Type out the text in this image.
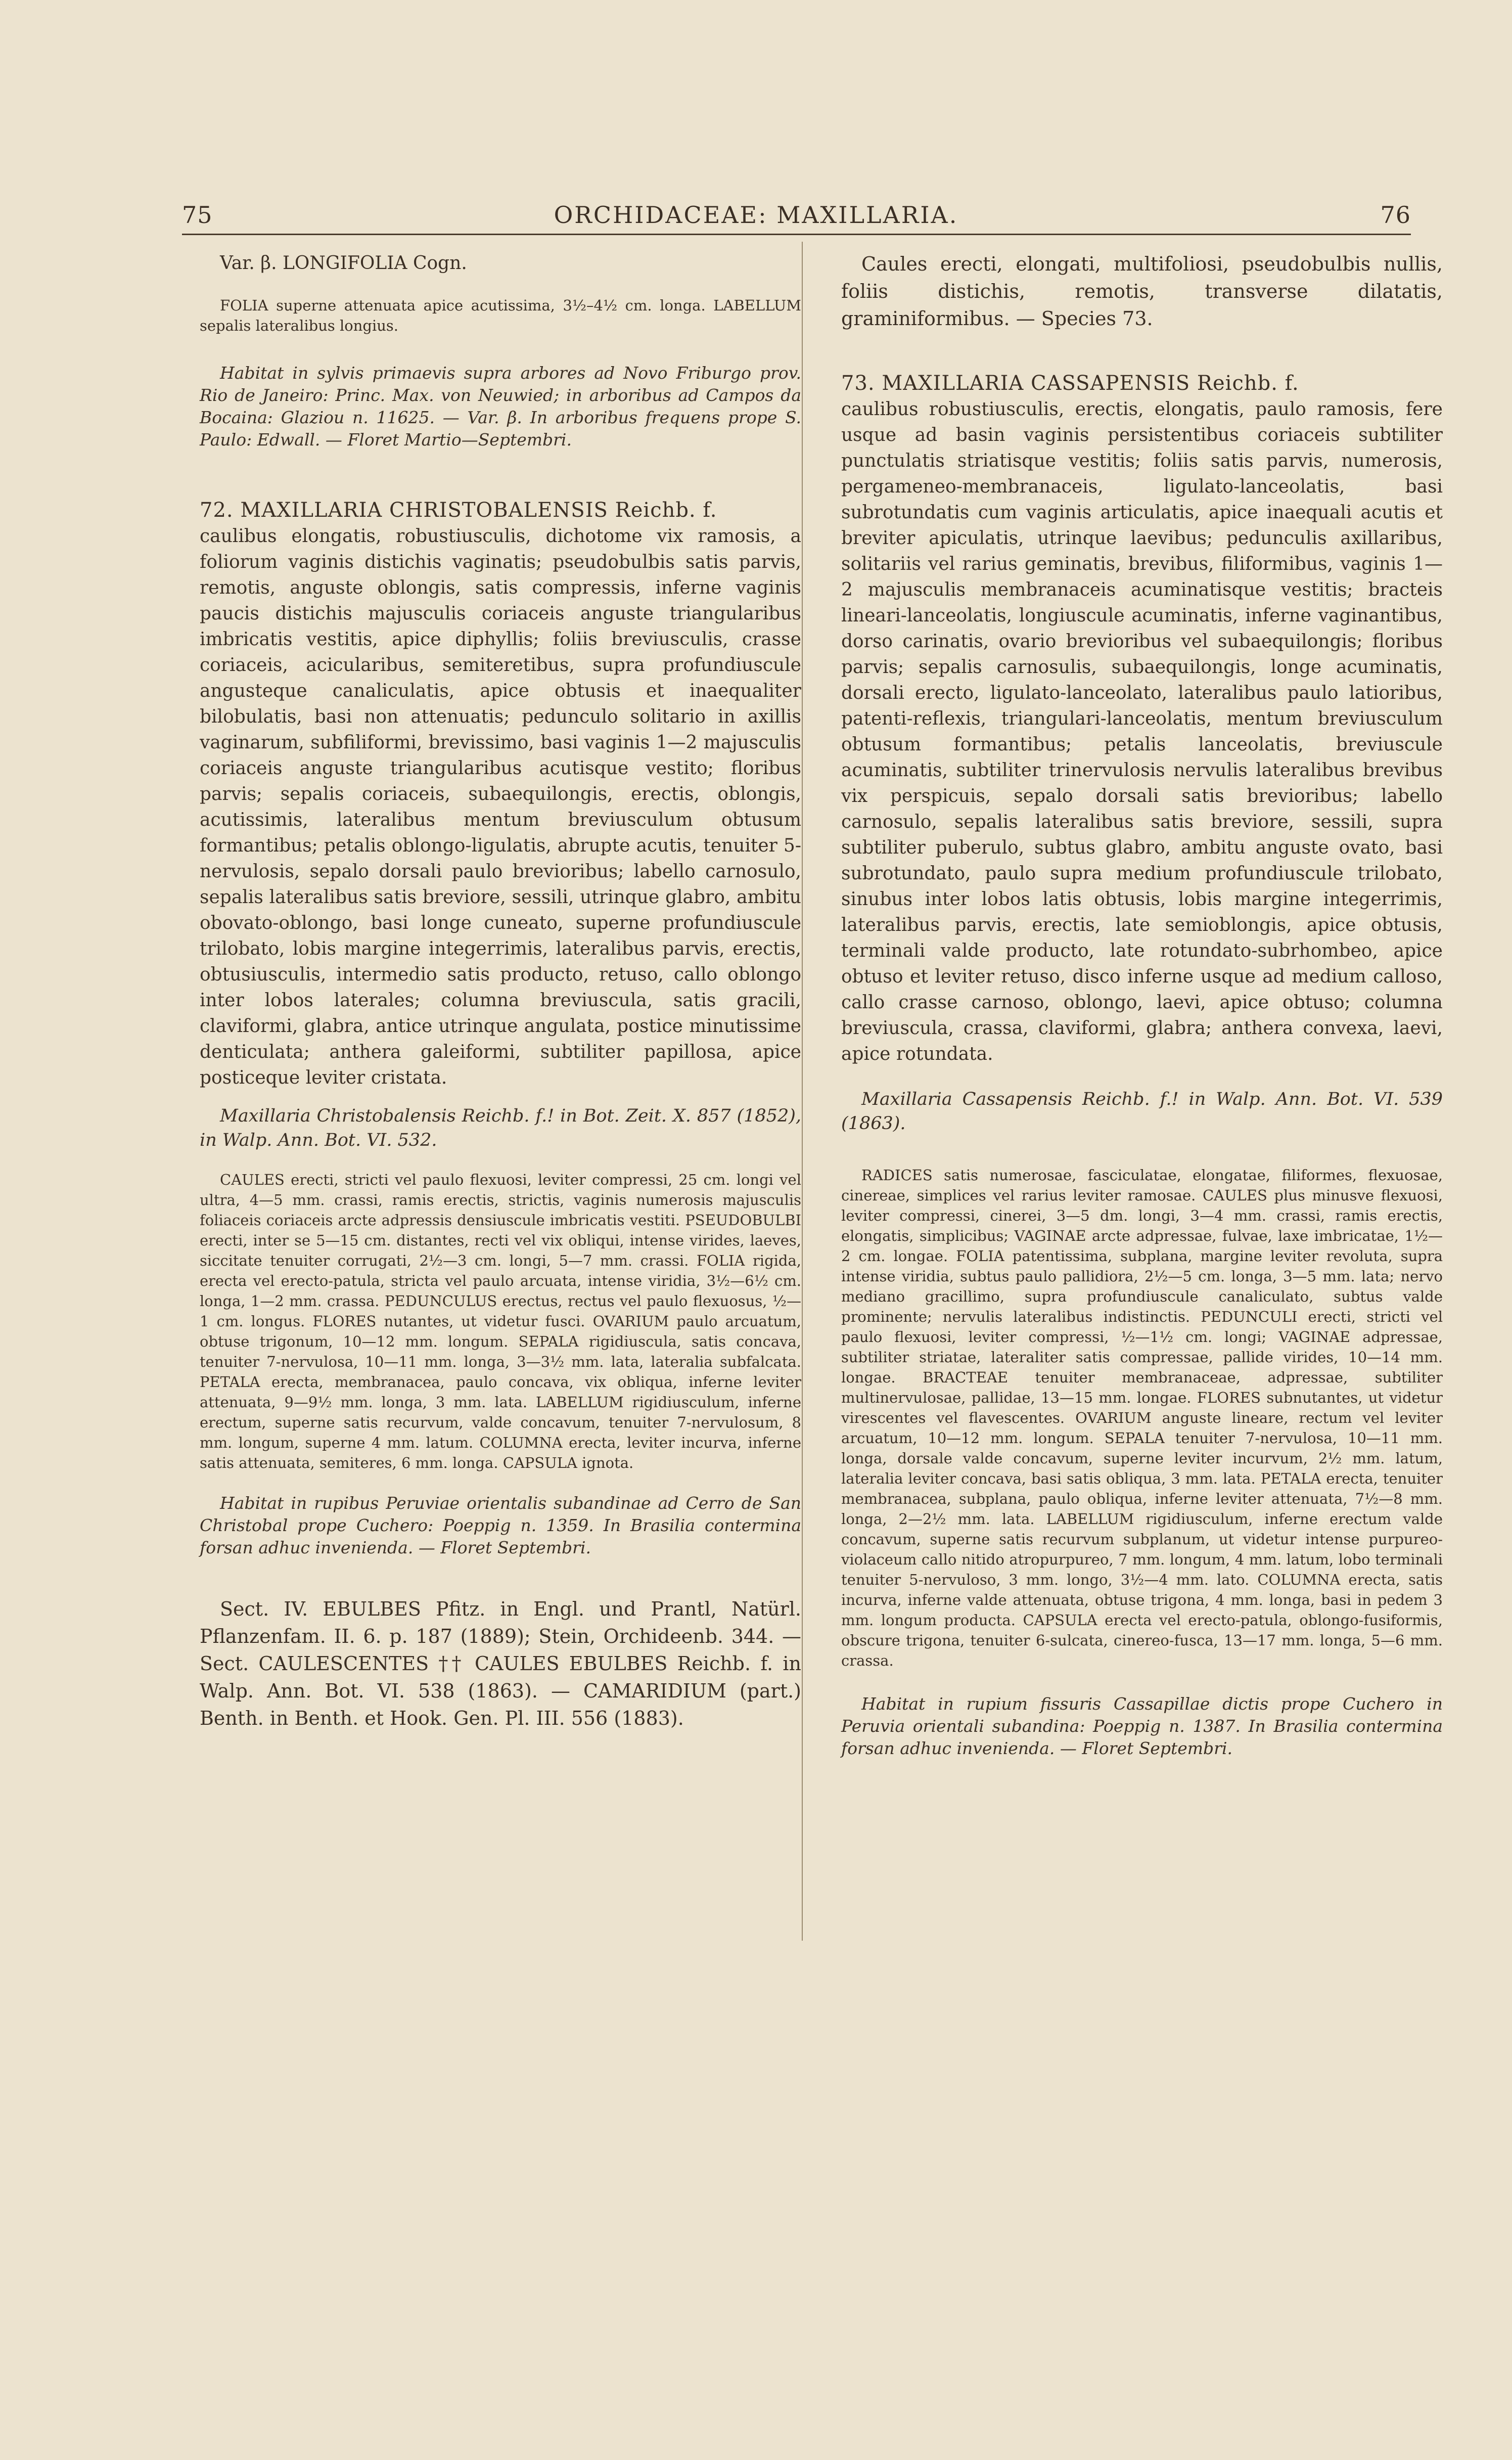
75	ORCHIDACEAE: MAXILLARIA.	76

Var. β. LONGIFOLIA Cogn.

FOLIA superne attenuata apice acutissima, 3½–4½ cm. longa. LABELLUM sepalis lateralibus longius.

Habitat in sylvis primaevis supra arbores ad Novo Friburgo prov. Rio de Janeiro: Princ. Max. von Neuwied; in arboribus ad Campos da Bocaina: Glaziou n. 11625. — Var. β. In arboribus frequens prope S. Paulo: Edwall. — Floret Martio—Septembri.

72. MAXILLARIA CHRISTOBALENSIS Reichb. f.

caulibus elongatis, robustiusculis, dichotome vix ramosis, a foliorum vaginis distichis vaginatis; pseudobulbis satis parvis, remotis, anguste oblongis, satis compressis, inferne vaginis paucis distichis majusculis coriaceis anguste triangularibus imbricatis vestitis, apice diphyllis; foliis breviusculis, crasse coriaceis, acicularibus, semiteretibus, supra profundiuscule angusteque canaliculatis, apice obtusis et inaequaliter bilobulatis, basi non attenuatis; pedunculo solitario in axillis vaginarum, subfiliformi, brevissimo, basi vaginis 1—2 majusculis coriaceis anguste triangularibus acutisque vestito; floribus parvis; sepalis coriaceis, subaequilongis, erectis, oblongis, acutissimis, lateralibus mentum breviusculum obtusum formantibus; petalis oblongo-ligulatis, abrupte acutis, tenuiter 5-nervulosis, sepalo dorsali paulo brevioribus; labello carnosulo, sepalis lateralibus satis breviore, sessili, utrinque glabro, ambitu obovato-oblongo, basi longe cuneato, superne profundiuscule trilobato, lobis margine integerrimis, lateralibus parvis, erectis, obtusiusculis, intermedio satis producto, retuso, callo oblongo inter lobos laterales; columna breviuscula, satis gracili, claviformi, glabra, antice utrinque angulata, postice minutissime denticulata; anthera galeiformi, subtiliter papillosa, apice posticeque leviter cristata.

Maxillaria Christobalensis Reichb. f.! in Bot. Zeit. X. 857 (1852), in Walp. Ann. Bot. VI. 532.

CAULES erecti, stricti vel paulo flexuosi, leviter compressi, 25 cm. longi vel ultra, 4—5 mm. crassi, ramis erectis, strictis, vaginis numerosis majusculis foliaceis coriaceis arcte adpressis densiuscule imbricatis vestiti. PSEUDOBULBI erecti, inter se 5—15 cm. distantes, recti vel vix obliqui, intense virides, laeves, siccitate tenuiter corrugati, 2½—3 cm. longi, 5—7 mm. crassi. FOLIA rigida, erecta vel erecto-patula, stricta vel paulo arcuata, intense viridia, 3½—6½ cm. longa, 1—2 mm. crassa. PEDUNCULUS erectus, rectus vel paulo flexuosus, ½—1 cm. longus. FLORES nutantes, ut videtur fusci. OVARIUM paulo arcuatum, obtuse trigonum, 10—12 mm. longum. SEPALA rigidiuscula, satis concava, tenuiter 7-nervulosa, 10—11 mm. longa, 3—3½ mm. lata, lateralia subfalcata. PETALA erecta, membranacea, paulo concava, vix obliqua, inferne leviter attenuata, 9—9½ mm. longa, 3 mm. lata. LABELLUM rigidiusculum, inferne erectum, superne satis recurvum, valde concavum, tenuiter 7-nervulosum, 8 mm. longum, superne 4 mm. latum. COLUMNA erecta, leviter incurva, inferne satis attenuata, semiteres, 6 mm. longa. CAPSULA ignota.

Habitat in rupibus Peruviae orientalis subandinae ad Cerro de San Christobal prope Cuchero: Poeppig n. 1359. In Brasilia contermina forsan adhuc invenienda. — Floret Septembri.

Sect. IV. EBULBES Pfitz. in Engl. und Prantl, Natürl. Pflanzenfam. II. 6. p. 187 (1889); Stein, Orchideenb. 344. — Sect. CAULESCENTES †† CAULES EBULBES Reichb. f. in Walp. Ann. Bot. VI. 538 (1863). — CAMARIDIUM (part.) Benth. in Benth. et Hook. Gen. Pl. III. 556 (1883).

Caules erecti, elongati, multifoliosi, pseudobulbis nullis, foliis distichis, remotis, transverse dilatatis, graminiformibus. — Species 73.

73. MAXILLARIA CASSAPENSIS Reichb. f.

caulibus robustiusculis, erectis, elongatis, paulo ramosis, fere usque ad basin vaginis persistentibus coriaceis subtiliter punctulatis striatisque vestitis; foliis satis parvis, numerosis, pergameneo-membranaceis, ligulato-lanceolatis, basi subrotundatis cum vaginis articulatis, apice inaequali acutis et breviter apiculatis, utrinque laevibus; pedunculis axillaribus, solitariis vel rarius geminatis, brevibus, filiformibus, vaginis 1—2 majusculis membranaceis acuminatisque vestitis; bracteis lineari-lanceolatis, longiuscule acuminatis, inferne vaginantibus, dorso carinatis, ovario brevioribus vel subaequilongis; floribus parvis; sepalis carnosulis, subaequilongis, longe acuminatis, dorsali erecto, ligulato-lanceolato, lateralibus paulo latioribus, patenti-reflexis, triangulari-lanceolatis, mentum breviusculum obtusum formantibus; petalis lanceolatis, breviuscule acuminatis, subtiliter trinervulosis nervulis lateralibus brevibus vix perspicuis, sepalo dorsali satis brevioribus; labello carnosulo, sepalis lateralibus satis breviore, sessili, supra subtiliter puberulo, subtus glabro, ambitu anguste ovato, basi subrotundato, paulo supra medium profundiuscule trilobato, sinubus inter lobos latis obtusis, lobis margine integerrimis, lateralibus parvis, erectis, late semioblongis, apice obtusis, terminali valde producto, late rotundato-subrhombeo, apice obtuso et leviter retuso, disco inferne usque ad medium calloso, callo crasse carnoso, oblongo, laevi, apice obtuso; columna breviuscula, crassa, claviformi, glabra; anthera convexa, laevi, apice rotundata.

Maxillaria Cassapensis Reichb. f.! in Walp. Ann. Bot. VI. 539 (1863).

RADICES satis numerosae, fasciculatae, elongatae, filiformes, flexuosae, cinereae, simplices vel rarius leviter ramosae. CAULES plus minusve flexuosi, leviter compressi, cinerei, 3—5 dm. longi, 3—4 mm. crassi, ramis erectis, elongatis, simplicibus; VAGINAE arcte adpressae, fulvae, laxe imbricatae, 1½—2 cm. longae. FOLIA patentissima, subplana, margine leviter revoluta, supra intense viridia, subtus paulo pallidiora, 2½—5 cm. longa, 3—5 mm. lata; nervo mediano gracillimo, supra profundiuscule canaliculato, subtus valde prominente; nervulis lateralibus indistinctis. PEDUNCULI erecti, stricti vel paulo flexuosi, leviter compressi, ½—1½ cm. longi; VAGINAE adpressae, subtiliter striatae, lateraliter satis compressae, pallide virides, 10—14 mm. longae. BRACTEAE tenuiter membranaceae, adpressae, subtiliter multinervulosae, pallidae, 13—15 mm. longae. FLORES subnutantes, ut videtur virescentes vel flavescentes. OVARIUM anguste lineare, rectum vel leviter arcuatum, 10—12 mm. longum. SEPALA tenuiter 7-nervulosa, 10—11 mm. longa, dorsale valde concavum, superne leviter incurvum, 2½ mm. latum, lateralia leviter concava, basi satis obliqua, 3 mm. lata. PETALA erecta, tenuiter membranacea, subplana, paulo obliqua, inferne leviter attenuata, 7½—8 mm. longa, 2—2½ mm. lata. LABELLUM rigidiusculum, inferne erectum valde concavum, superne satis recurvum subplanum, ut videtur intense purpureo-violaceum callo nitido atropurpureo, 7 mm. longum, 4 mm. latum, lobo terminali tenuiter 5-nervuloso, 3 mm. longo, 3½—4 mm. lato. COLUMNA erecta, satis incurva, inferne valde attenuata, obtuse trigona, 4 mm. longa, basi in pedem 3 mm. longum producta. CAPSULA erecta vel erecto-patula, oblongo-fusiformis, obscure trigona, tenuiter 6-sulcata, cinereo-fusca, 13—17 mm. longa, 5—6 mm. crassa.

Habitat in rupium fissuris Cassapillae dictis prope Cuchero in Peruvia orientali subandina: Poeppig n. 1387. In Brasilia contermina forsan adhuc invenienda. — Floret Septembri.
